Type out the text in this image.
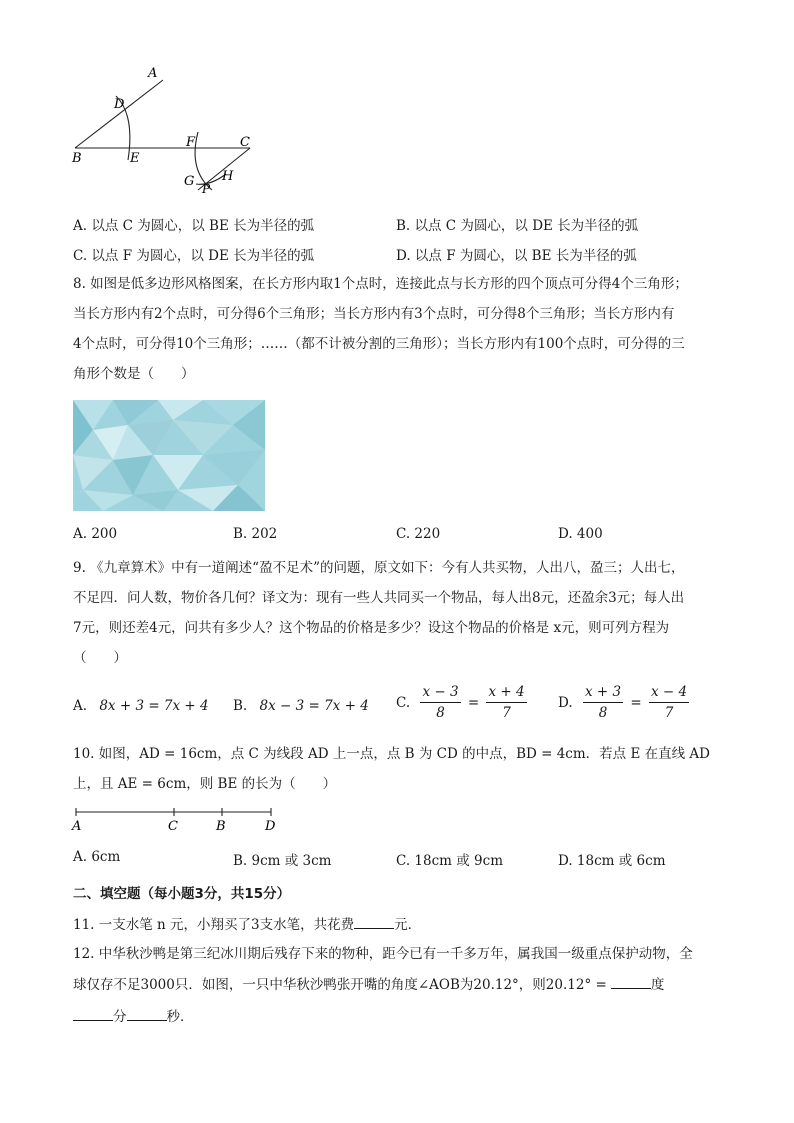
A
D
B	E
F	C
G H
P
A. 以点 C 为圆心，以 BE 长为半径的弧	B. 以点 C 为圆心，以 DE 长为半径的弧
C. 以点 F 为圆心，以 DE 长为半径的弧	D. 以点 F 为圆心，以 BE 长为半径的弧
8. 如图是低多边形风格图案，在长方形内取1个点时，连接此点与长方形的四个顶点可分得4个三角形；
当长方形内有2个点时，可分得6个三角形；当长方形内有3个点时，可分得8个三角形；当长方形内有
4个点时，可分得10个三角形；……（都不计被分割的三角形）；当长方形内有100个点时，可分得的三
角形个数是（　　）
A. 200	B. 202	C. 220	D. 400
9. 《九章算术》中有一道阐述“盈不足术”的问题，原文如下：今有人共买物，人出八，盈三；人出七，
不足四．问人数，物价各几何？译文为：现有一些人共同买一个物品，每人出8元，还盈余3元；每人出
7元，则还差4元，问共有多少人？这个物品的价格是多少？设这个物品的价格是 x元，则可列方程为
（　　）
A. 8x + 3 = 7x + 4 B. 8x − 3 = 7x + 4 C. $\frac{x - 3}{8} = \frac{x + 4}{7} D$. $\frac{x + 3}{8} = \frac{x - 4}{7}$
10. 如图，AD = 16cm，点 C 为线段 AD 上一点，点 B 为 CD 的中点，BD = 4cm．若点 E 在直线 AD
上，且 AE = 6cm，则 BE 的长为（　　）
A	C	B	D
A. 6cm	B. 9cm 或 3cm	C. 18cm 或 9cm	D. 18cm 或 6cm
二、填空题（每小题3分，共15分）
11. 一支水笔 n 元，小翔买了3支水笔，共花费	元．
12. 中华秋沙鸭是第三纪冰川期后残存下来的物种，距今已有一千多万年，属我国一级重点保护动物，全
球仅存不足3000只．如图，一只中华秋沙鸭张开嘴的角度∠AOB为20.12°，则20.12° =	度
分	秒．
